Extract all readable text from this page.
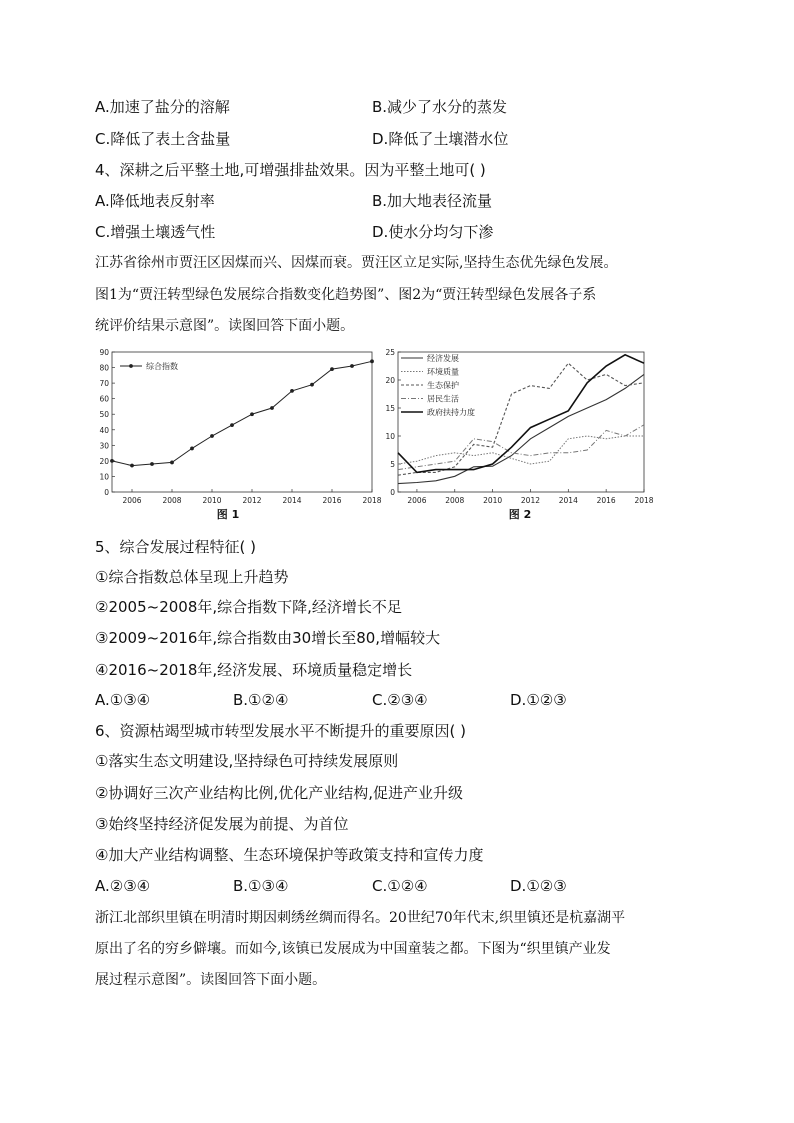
A.加速了盐分的溶解	B.减少了水分的蒸发
C.降低了表土含盐量	D.降低了土壤潜水位
4、深耕之后平整土地,可增强排盐效果。因为平整土地可( )
A.降低地表反射率	B.加大地表径流量
C.增强土壤透气性	D.使水分均匀下渗
江苏省徐州市贾汪区因煤而兴、因煤而衰。贾汪区立足实际,坚持生态优先绿色发展。
图1为“贾汪转型绿色发展综合指数变化趋势图”、图2为“贾汪转型绿色发展各子系
统评价结果示意图”。读图回答下面小题。
0
10
20
30
40
50
60
70
80
90
2006	2008	2010	2012	2014	2016	2018
综合指数
图 1
0
5
10
15
20
25
2006	2008	2010	2012	2014	2016	2018
经济发展
环境质量
生态保护
居民生活
政府扶持力度
图 2
5、综合发展过程特征( )
①综合指数总体呈现上升趋势
②2005~2008年,综合指数下降,经济增长不足
③2009~2016年,综合指数由30增长至80,增幅较大
④2016~2018年,经济发展、环境质量稳定增长
A.①③④	B.①②④	C.②③④	D.①②③
6、资源枯竭型城市转型发展水平不断提升的重要原因( )
①落实生态文明建设,坚持绿色可持续发展原则
②协调好三次产业结构比例,优化产业结构,促进产业升级
③始终坚持经济促发展为前提、为首位
④加大产业结构调整、生态环境保护等政策支持和宣传力度
A.②③④	B.①③④	C.①②④	D.①②③
浙江北部织里镇在明清时期因刺绣丝绸而得名。20世纪70年代末,织里镇还是杭嘉湖平
原出了名的穷乡僻壤。而如今,该镇已发展成为中国童装之都。下图为“织里镇产业发
展过程示意图”。读图回答下面小题。
